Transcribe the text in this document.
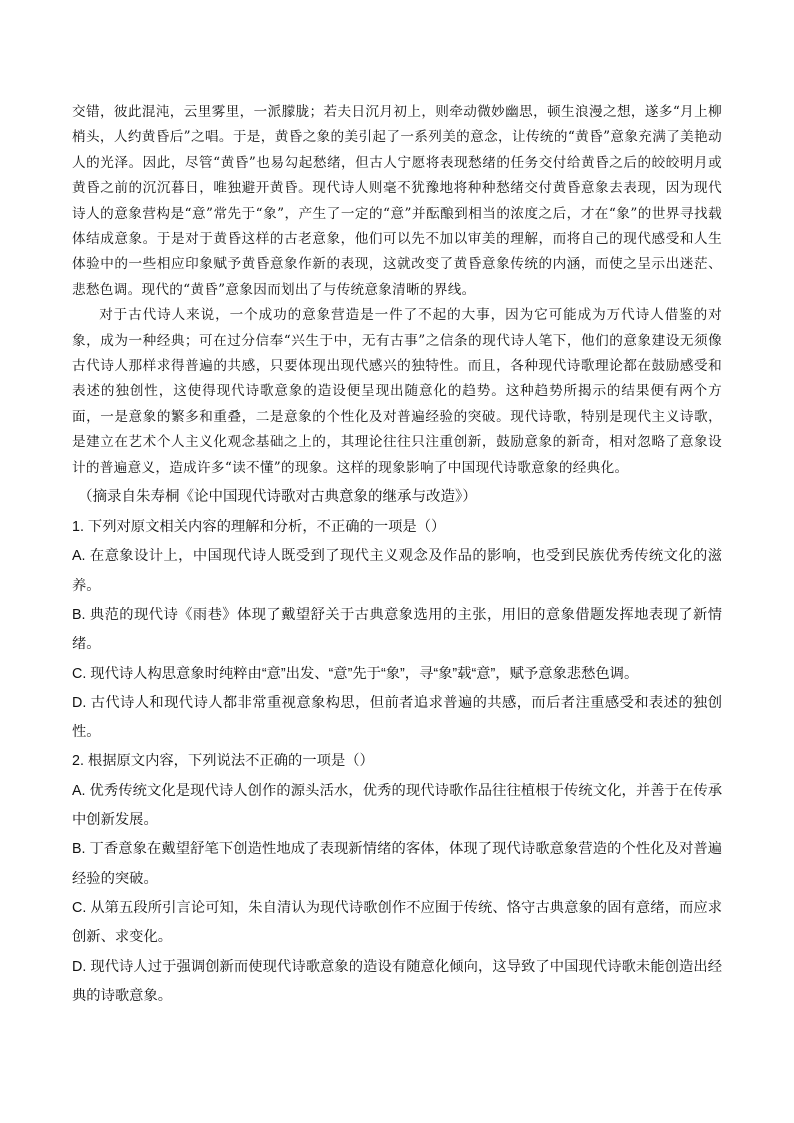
交错，彼此混沌，云里雾里，一派朦胧；若夫日沉月初上，则牵动微妙幽思，顿生浪漫之想，遂多“月上柳梢头，人约黄昏后”之唱。于是，黄昏之象的美引起了一系列美的意念，让传统的“黄昏”意象充满了美艳动人的光泽。因此，尽管“黄昏”也易勾起愁绪，但古人宁愿将表现愁绪的任务交付给黄昏之后的皎皎明月或黄昏之前的沉沉暮日，唯独避开黄昏。现代诗人则毫不犹豫地将种种愁绪交付黄昏意象去表现，因为现代诗人的意象营构是“意”常先于“象”，产生了一定的“意”并酝酿到相当的浓度之后，才在“象”的世界寻找载体结成意象。于是对于黄昏这样的古老意象，他们可以先不加以审美的理解，而将自己的现代感受和人生体验中的一些相应印象赋予黄昏意象作新的表现，这就改变了黄昏意象传统的内涵，而使之呈示出迷茫、悲愁色调。现代的“黄昏”意象因而划出了与传统意象清晰的界线。

对于古代诗人来说，一个成功的意象营造是一件了不起的大事，因为它可能成为万代诗人借鉴的对象，成为一种经典；可在过分信奉“兴生于中，无有古事”之信条的现代诗人笔下，他们的意象建设无须像古代诗人那样求得普遍的共感，只要体现出现代感兴的独特性。而且，各种现代诗歌理论都在鼓励感受和表述的独创性，这使得现代诗歌意象的造设便呈现出随意化的趋势。这种趋势所揭示的结果便有两个方面，一是意象的繁多和重叠，二是意象的个性化及对普遍经验的突破。现代诗歌，特别是现代主义诗歌，是建立在艺术个人主义化观念基础之上的，其理论往往只注重创新，鼓励意象的新奇，相对忽略了意象设计的普遍意义，造成许多“读不懂”的现象。这样的现象影响了中国现代诗歌意象的经典化。

（摘录自朱寿桐《论中国现代诗歌对古典意象的继承与改造》）

1. 下列对原文相关内容的理解和分析，不正确的一项是（）

A. 在意象设计上，中国现代诗人既受到了现代主义观念及作品的影响，也受到民族优秀传统文化的滋养。

B. 典范的现代诗《雨巷》体现了戴望舒关于古典意象选用的主张，用旧的意象借题发挥地表现了新情绪。

C. 现代诗人构思意象时纯粹由“意”出发、“意”先于“象”，寻“象”载“意”，赋予意象悲愁色调。

D. 古代诗人和现代诗人都非常重视意象构思，但前者追求普遍的共感，而后者注重感受和表述的独创性。

2. 根据原文内容，下列说法不正确的一项是（）

A. 优秀传统文化是现代诗人创作的源头活水，优秀的现代诗歌作品往往植根于传统文化，并善于在传承中创新发展。

B. 丁香意象在戴望舒笔下创造性地成了表现新情绪的客体，体现了现代诗歌意象营造的个性化及对普遍经验的突破。

C. 从第五段所引言论可知，朱自清认为现代诗歌创作不应囿于传统、恪守古典意象的固有意绪，而应求创新、求变化。

D. 现代诗人过于强调创新而使现代诗歌意象的造设有随意化倾向，这导致了中国现代诗歌未能创造出经典的诗歌意象。
